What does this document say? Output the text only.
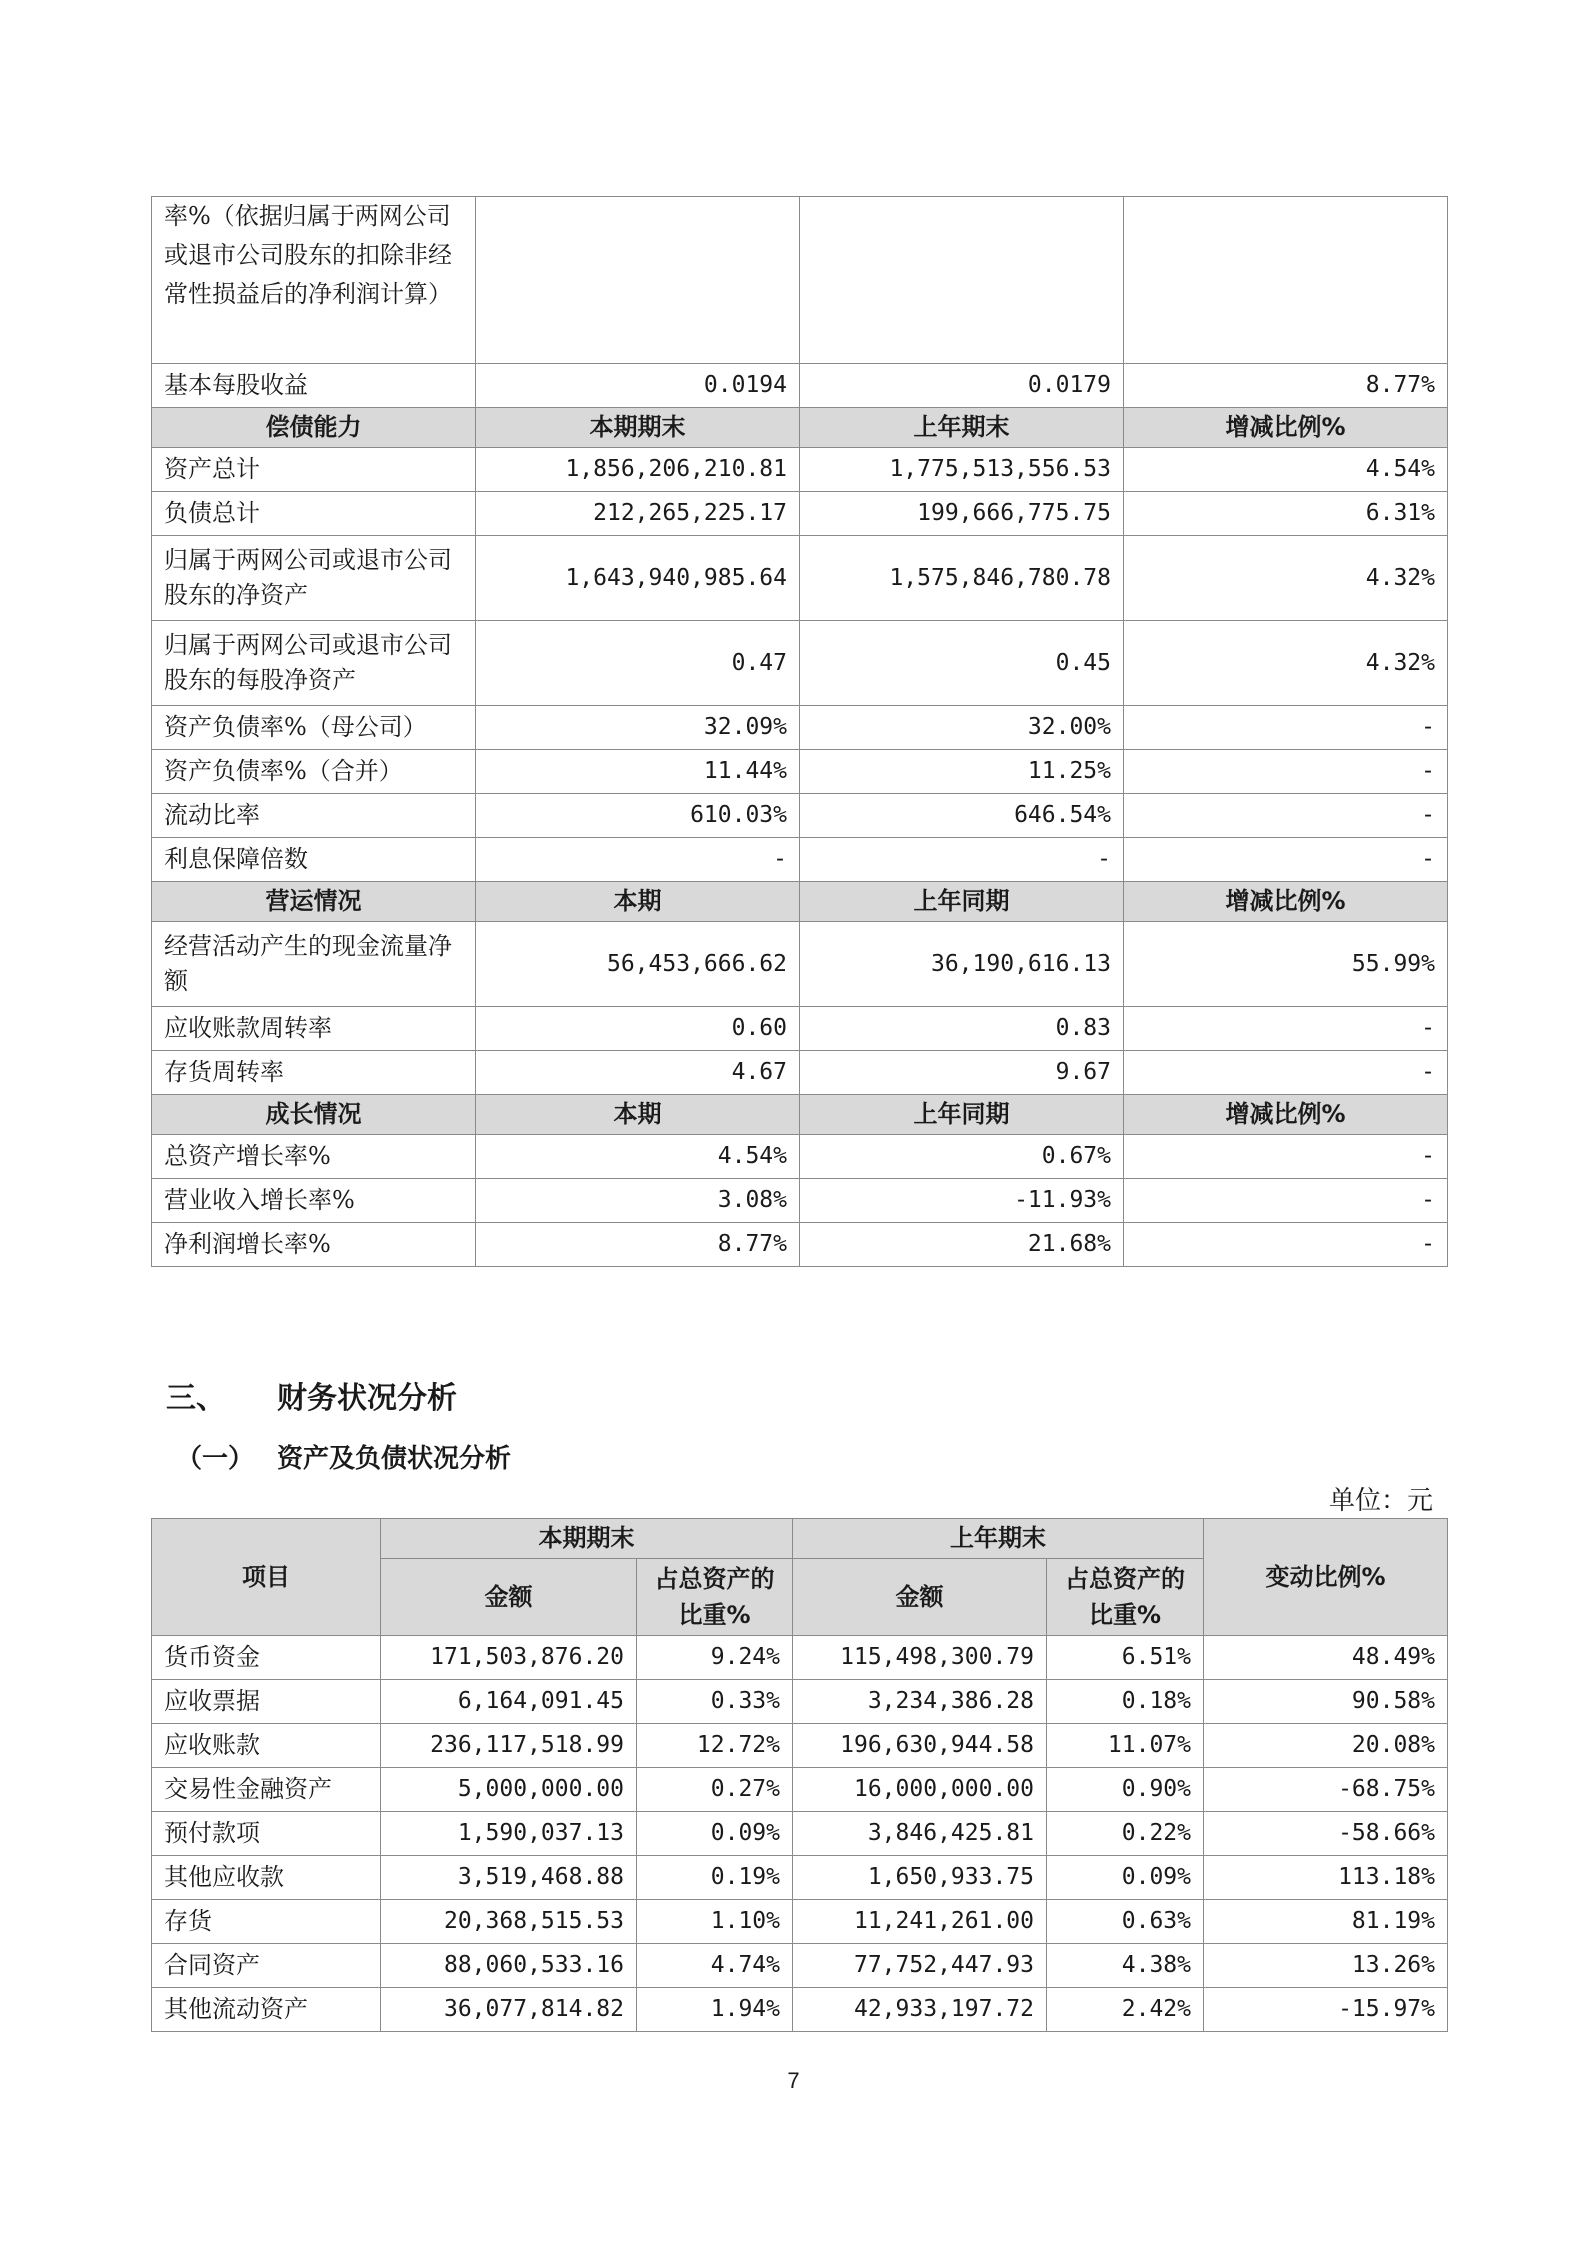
率%（依据归属于两网公司或退市公司股东的扣除非经常性损益后的净利润计算）			
基本每股收益	0.0194	0.0179	8.77%
偿债能力	本期期末	上年期末	增减比例%
资产总计	1,856,206,210.81	1,775,513,556.53	4.54%
负债总计	212,265,225.17	199,666,775.75	6.31%
归属于两网公司或退市公司股东的净资产	1,643,940,985.64	1,575,846,780.78	4.32%
归属于两网公司或退市公司股东的每股净资产	0.47	0.45	4.32%
资产负债率%（母公司）	32.09%	32.00%	-
资产负债率%（合并）	11.44%	11.25%	-
流动比率	610.03%	646.54%	-
利息保障倍数	-	-	-
营运情况	本期	上年同期	增减比例%
经营活动产生的现金流量净额	56,453,666.62	36,190,616.13	55.99%
应收账款周转率	0.60	0.83	-
存货周转率	4.67	9.67	-
成长情况	本期	上年同期	增减比例%
总资产增长率%	4.54%	0.67%	-
营业收入增长率%	3.08%	-11.93%	-
净利润增长率%	8.77%	21.68%	-
三、 财务状况分析
（一） 资产及负债状况分析
单位：元
项目	本期期末		上年期末		变动比例%
	金额	占总资产的比重%	金额	占总资产的比重%	
货币资金	171,503,876.20	9.24%	115,498,300.79	6.51%	48.49%
应收票据	6,164,091.45	0.33%	3,234,386.28	0.18%	90.58%
应收账款	236,117,518.99	12.72%	196,630,944.58	11.07%	20.08%
交易性金融资产	5,000,000.00	0.27%	16,000,000.00	0.90%	-68.75%
预付款项	1,590,037.13	0.09%	3,846,425.81	0.22%	-58.66%
其他应收款	3,519,468.88	0.19%	1,650,933.75	0.09%	113.18%
存货	20,368,515.53	1.10%	11,241,261.00	0.63%	81.19%
合同资产	88,060,533.16	4.74%	77,752,447.93	4.38%	13.26%
其他流动资产	36,077,814.82	1.94%	42,933,197.72	2.42%	-15.97%
7
